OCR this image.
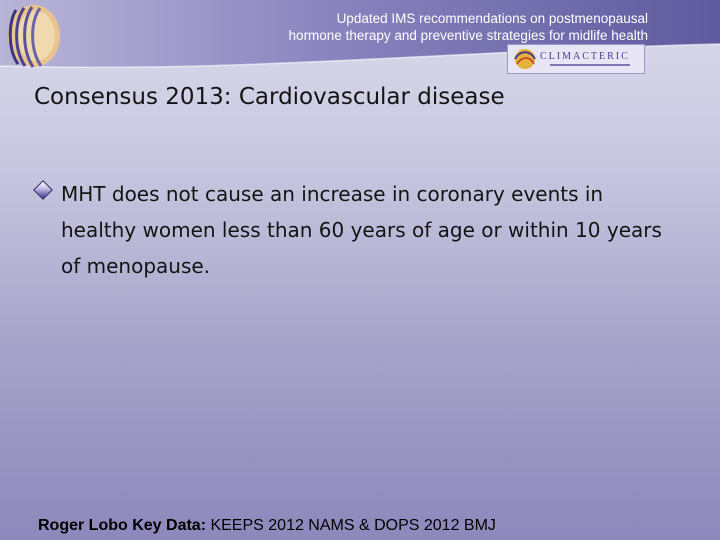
Updated IMS recommendations on postmenopausal
hormone therapy and preventive strategies for midlife health
CLIMACTERIC
Consensus 2013: Cardiovascular disease
MHT does not cause an increase in coronary events in healthy women less than 60 years of age or within 10 years of menopause.
Roger Lobo Key Data: KEEPS 2012 NAMS & DOPS 2012 BMJ
